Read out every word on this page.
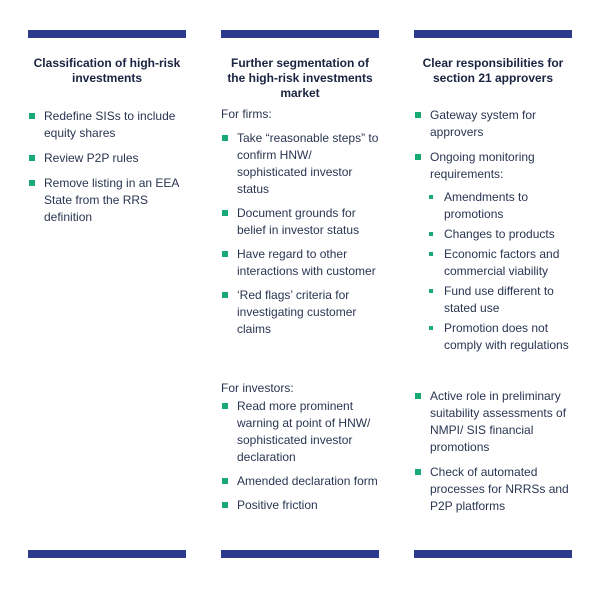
Classification of high-risk investments
Redefine SISs to include equity shares
Review P2P rules
Remove listing in an EEA State from the RRS definition
Further segmentation of the high-risk investments market
For firms:
Take “reasonable steps” to confirm HNW/ sophisticated investor status
Document grounds for belief in investor status
Have regard to other interactions with customer
‘Red flags’ criteria for investigating customer claims
For investors:
Read more prominent warning at point of HNW/ sophisticated investor declaration
Amended declaration form
Positive friction
Clear responsibilities for section 21 approvers
Gateway system for approvers
Ongoing monitoring requirements:
Amendments to promotions
Changes to products
Economic factors and commercial viability
Fund use different to stated use
Promotion does not comply with regulations
Active role in preliminary suitability assessments of NMPI/ SIS financial promotions
Check of automated processes for NRRSs and P2P platforms
